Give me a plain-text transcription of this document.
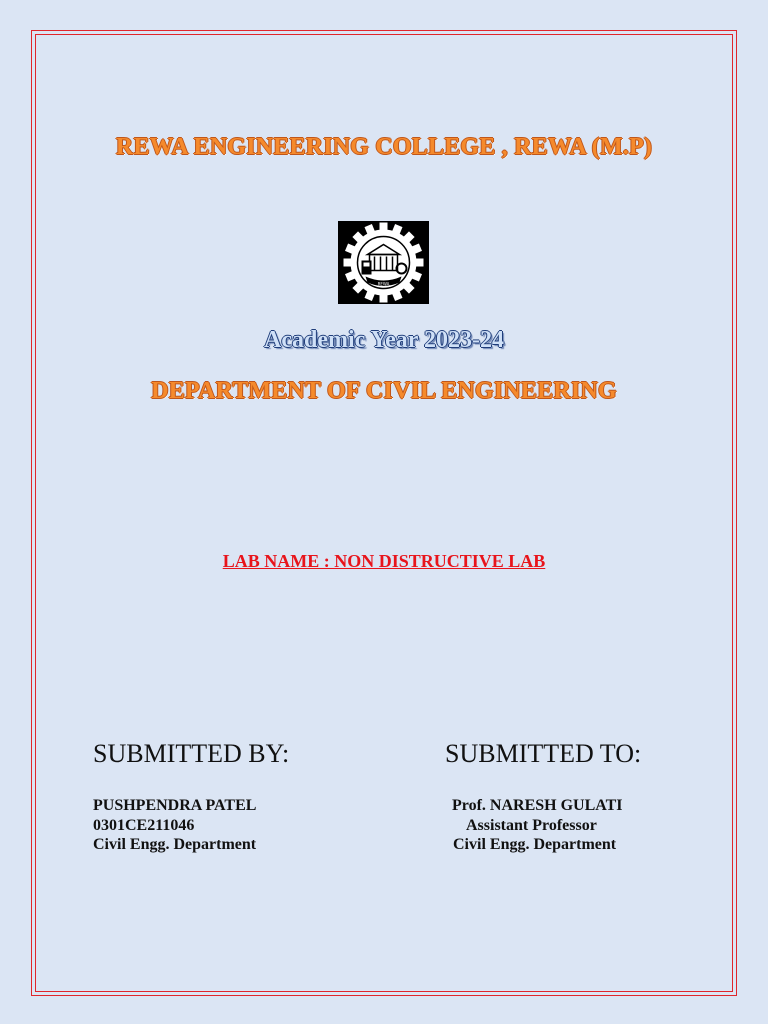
REWA ENGINEERING COLLEGE , REWA (M.P)
REWA
Academic Year 2023-24
DEPARTMENT OF CIVIL ENGINEERING
LAB NAME : NON DISTRUCTIVE LAB
SUBMITTED BY:	SUBMITTED TO:
PUSHPENDRA PATEL
0301CE211046
Civil Engg. Department
Prof. NARESH GULATI
Assistant Professor
Civil Engg. Department
